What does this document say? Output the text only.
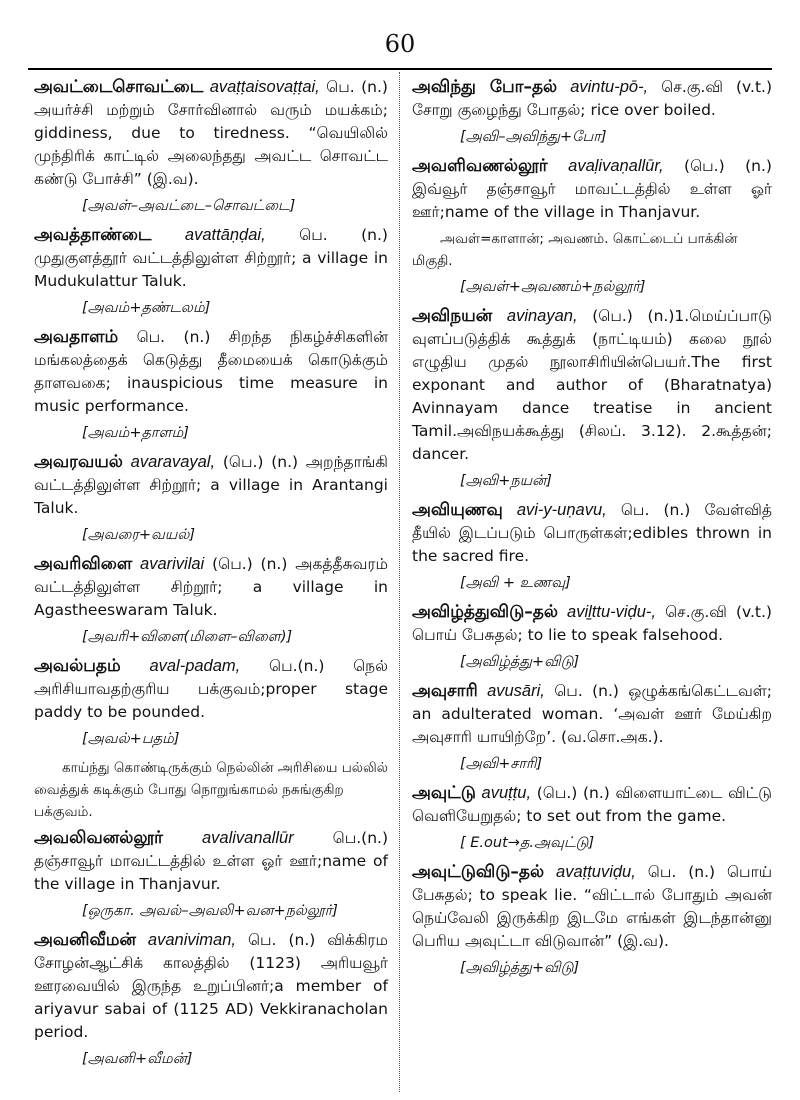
60
அவட்டைசொவட்டை avaṭṭaisovaṭṭai, பெ. (n.) அயர்ச்சி மற்றும் சோர்வினால் வரும் மயக்கம்; giddiness, due to tiredness. “வெயிலில் முந்திரிக் காட்டில் அலைந்தது அவட்ட சொவட்ட கண்டு போச்சி” (இ.வ).
[அவள்–அவட்டை–சொவட்டை]
அவத்தாண்டை avattāṇḍai, பெ. (n.) முதுகுளத்தூர் வட்டத்திலுள்ள சிற்றூர்; a village in Mudukulattur Taluk.
[அவம்+தண்டலம்]
அவதாளம் பெ. (n.) சிறந்த நிகழ்ச்சிகளின் மங்கலத்தைக் கெடுத்து தீமையைக் கொடுக்கும் தாளவகை; inauspicious time measure in music performance.
[அவம்+தாளம்]
அவரவயல் avaravayal, (பெ.) (n.) அறந்தாங்கி வட்டத்திலுள்ள சிற்றூர்; a village in Arantangi Taluk.
[அவரை+வயல்]
அவரிவிளை avarivilai (பெ.) (n.) அகத்தீசுவரம் வட்டத்திலுள்ள சிற்றூர்; a village in Agastheeswaram Taluk.
[அவரி+விளை(மிளை–விளை)]
அவல்பதம் aval-padam, பெ.(n.) நெல் அரிசியாவதற்குரிய பக்குவம்;proper stage paddy to be pounded.
[அவல்+பதம்]
காய்ந்து கொண்டிருக்கும் நெல்லின் அரிசியை பல்லில் வைத்துக் கடிக்கும் போது நொறுங்காமல் நசுங்குகிற பக்குவம்.
அவலிவனல்லூர் avalivanallūr	பெ.(n.) தஞ்சாவூர் மாவட்டத்தில் உள்ள ஓர் ஊர்;name of the village in Thanjavur.
[ஒருகா. அவல்–அவலி+வன+நல்லூர்]
அவனிவீமன் avaniviman, பெ. (n.) விக்கிரம சோழன்ஆட்சிக் காலத்தில் (1123) அரியவூர் ஊரவையில் இருந்த உறுப்பினர்;a member of ariyavur sabai of (1125 AD) Vekkiranacholan period.
[அவனி+வீமன்]
அவிந்து போ–தல் avintu-pō-, செ.கு.வி (v.t.) சோறு குழைந்து போதல்; rice over boiled.
[அவி–அவிந்து+போ]
அவளிவணல்லூர் avaḷivaṇallūr, (பெ.) (n.) இவ்வூர் தஞ்சாவூர் மாவட்டத்தில் உள்ள ஓர் ஊர்;name of the village in Thanjavur.
அவள்=காளான்; அவணம். கொட்டைப் பாக்கின் மிகுதி.
[அவள்+அவணம்+நல்லூர்]
அவிநயன் avinayan, (பெ.) (n.)1.மெய்ப்பாடு வுளப்படுத்திக் கூத்துக் (நாட்டியம்) கலை நூல் எழுதிய முதல் நூலாசிரியின்பெயர்.The first exponant and author of (Bharatnatya) Avinnayam dance treatise in ancient Tamil.அவிநயக்கூத்து (சிலப். 3.12). 2.கூத்தன்; dancer.
[அவி+நயன்]
அவியுணவு avi-y-uṇavu, பெ. (n.) வேள்வித் தீயில் இடப்படும் பொருள்கள்;edibles thrown in the sacred fire.
[அவி + உணவு]
அவிழ்த்துவிடு–தல் aviḻttu-viḍu-, செ.கு.வி (v.t.) பொய் பேசுதல்; to lie to speak falsehood.
[அவிழ்த்து+விடு]
அவுசாரி avusāri, பெ. (n.) ஒழுக்கங்கெட்டவள்; an adulterated woman. ‘அவள் ஊர் மேய்கிற அவுசாரி யாயிற்றே’. (வ.சொ.அக.).
[அவி+சாரி]
அவுட்டு avuṭṭu, (பெ.) (n.) விளையாட்டை விட்டு வெளியேறுதல்; to set out from the game.
[ E.out→த.அவுட்டு]
அவுட்டுவிடு–தல் avaṭṭuviḍu, பெ. (n.) பொய் பேசுதல்; to speak lie. “விட்டால் போதும் அவன் நெய்வேலி இருக்கிற இடமே எங்கள் இடந்தான்னு பெரிய அவுட்டா விடுவான்” (இ.வ).
[அவிழ்த்து+விடு]
